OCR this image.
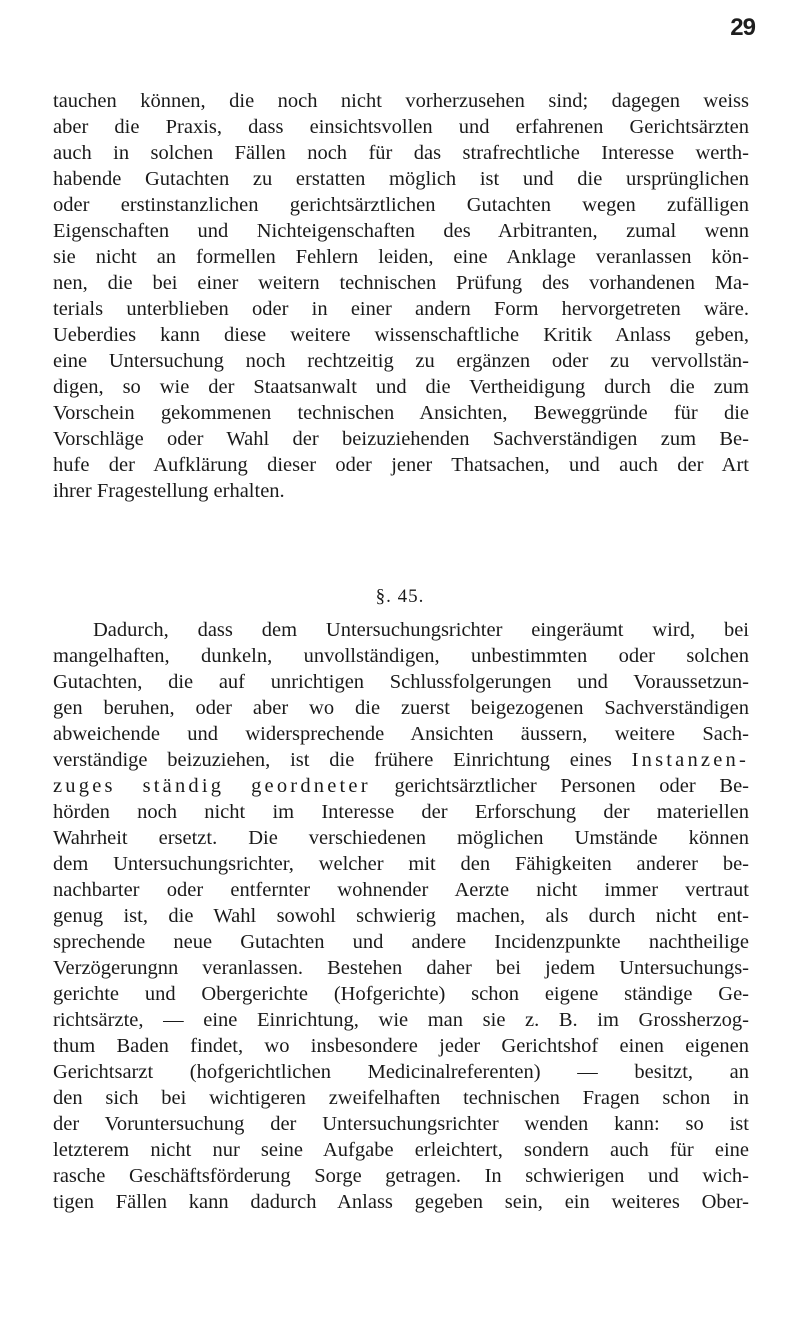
29
tauchen können, die noch nicht vorherzusehen sind; dagegen weiss
aber die Praxis, dass einsichtsvollen und erfahrenen Gerichtsärzten
auch in solchen Fällen noch für das strafrechtliche Interesse werth-
habende Gutachten zu erstatten möglich ist und die ursprünglichen
oder erstinstanzlichen gerichtsärztlichen Gutachten wegen zufälligen
Eigenschaften und Nichteigenschaften des Arbitranten, zumal wenn
sie nicht an formellen Fehlern leiden, eine Anklage veranlassen kön-
nen, die bei einer weitern technischen Prüfung des vorhandenen Ma-
terials unterblieben oder in einer andern Form hervorgetreten wäre.
Ueberdies kann diese weitere wissenschaftliche Kritik Anlass geben,
eine Untersuchung noch rechtzeitig zu ergänzen oder zu vervollstän-
digen, so wie der Staatsanwalt und die Vertheidigung durch die zum
Vorschein gekommenen technischen Ansichten, Beweggründe für die
Vorschläge oder Wahl der beizuziehenden Sachverständigen zum Be-
hufe der Aufklärung dieser oder jener Thatsachen, und auch der Art
ihrer Fragestellung erhalten.
§. 45.
Dadurch, dass dem Untersuchungsrichter eingeräumt wird, bei
mangelhaften, dunkeln, unvollständigen, unbestimmten oder solchen
Gutachten, die auf unrichtigen Schlussfolgerungen und Voraussetzun-
gen beruhen, oder aber wo die zuerst beigezogenen Sachverständigen
abweichende und widersprechende Ansichten äussern, weitere Sach-
verständige beizuziehen, ist die frühere Einrichtung eines Instanzen-
zuges ständig geordneter gerichtsärztlicher Personen oder Be-
hörden noch nicht im Interesse der Erforschung der materiellen
Wahrheit ersetzt. Die verschiedenen möglichen Umstände können
dem Untersuchungsrichter, welcher mit den Fähigkeiten anderer be-
nachbarter oder entfernter wohnender Aerzte nicht immer vertraut
genug ist, die Wahl sowohl schwierig machen, als durch nicht ent-
sprechende neue Gutachten und andere Incidenzpunkte nachtheilige
Verzögerungnn veranlassen. Bestehen daher bei jedem Untersuchungs-
gerichte und Obergerichte (Hofgerichte) schon eigene ständige Ge-
richtsärzte, — eine Einrichtung, wie man sie z. B. im Grossherzog-
thum Baden findet, wo insbesondere jeder Gerichtshof einen eigenen
Gerichtsarzt (hofgerichtlichen Medicinalreferenten) — besitzt, an
den sich bei wichtigeren zweifelhaften technischen Fragen schon in
der Voruntersuchung der Untersuchungsrichter wenden kann: so ist
letzterem nicht nur seine Aufgabe erleichtert, sondern auch für eine
rasche Geschäftsförderung Sorge getragen. In schwierigen und wich-
tigen Fällen kann dadurch Anlass gegeben sein, ein weiteres Ober-
